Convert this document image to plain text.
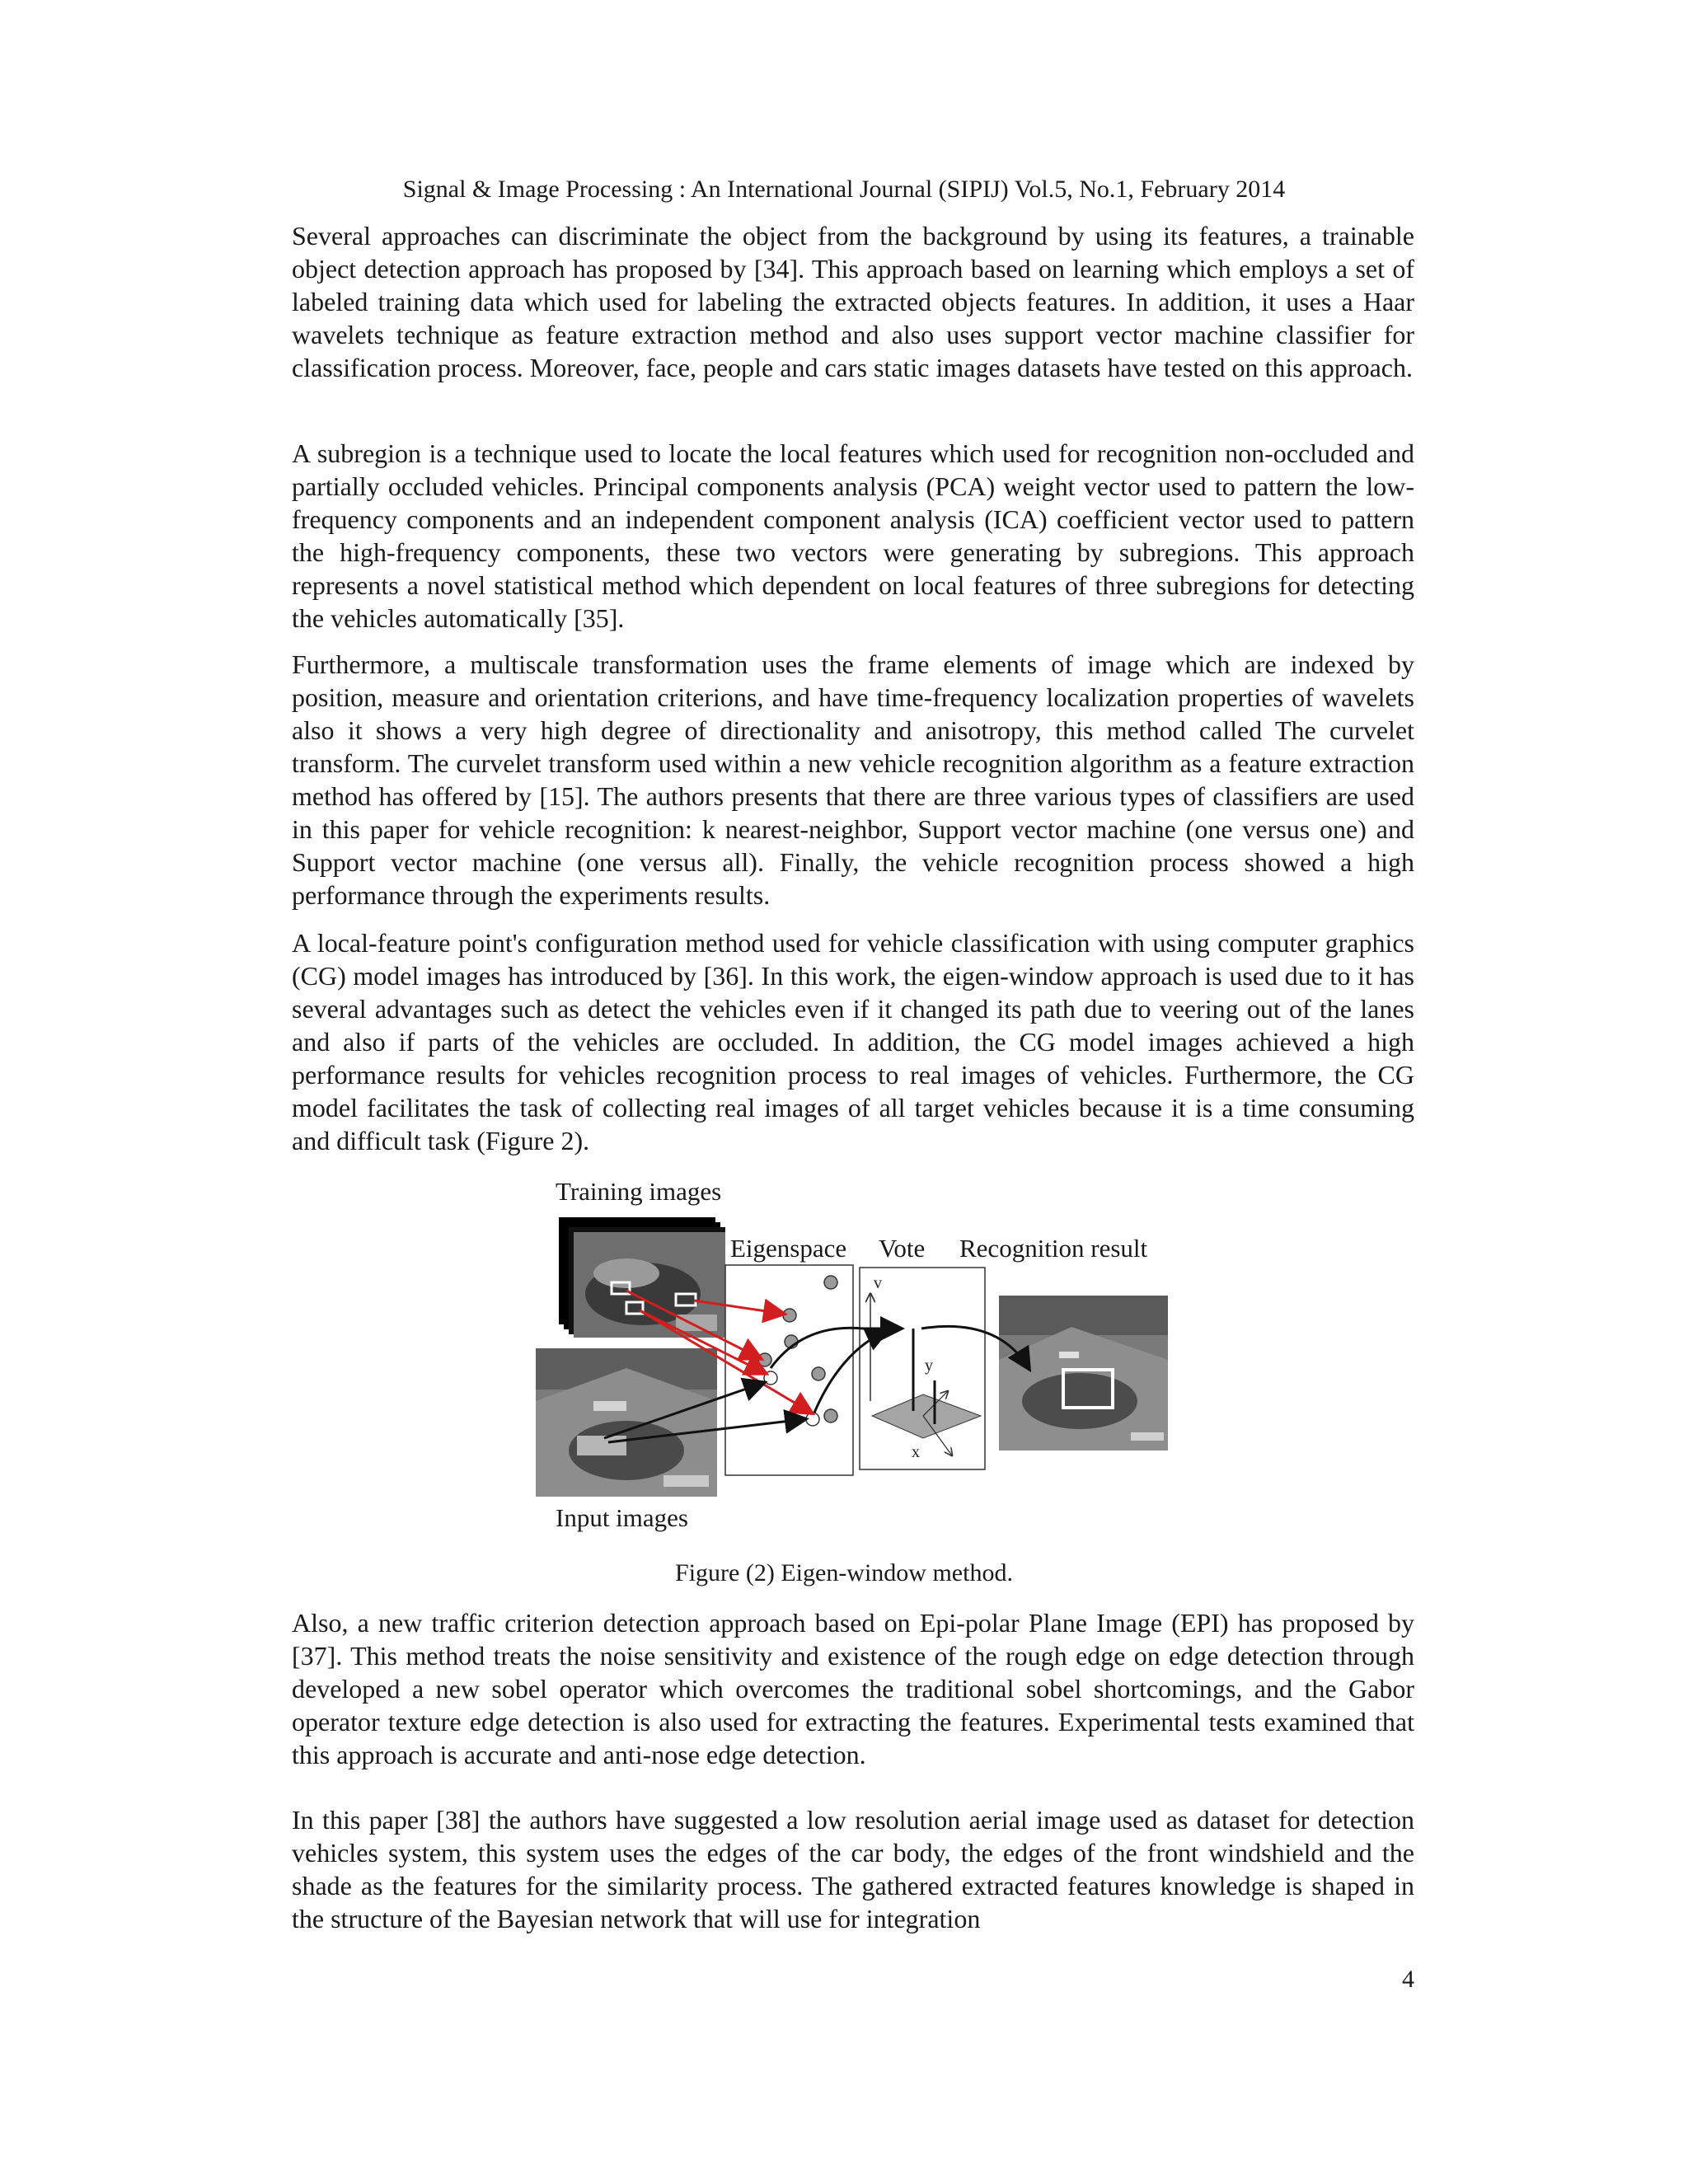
Signal & Image Processing : An International Journal (SIPIJ) Vol.5, No.1, February 2014

Several approaches can discriminate the object from the background by using its features, a trainable object detection approach has proposed by [34]. This approach based on learning which employs a set of labeled training data which used for labeling the extracted objects features. In addition, it uses a Haar wavelets technique as feature extraction method and also uses support vector machine classifier for classification process. Moreover, face, people and cars static images datasets have tested on this approach.

A subregion is a technique used to locate the local features which used for recognition non-occluded and partially occluded vehicles. Principal components analysis (PCA) weight vector used to pattern the low-frequency components and an independent component analysis (ICA) coefficient vector used to pattern the high-frequency components, these two vectors were generating by subregions. This approach represents a novel statistical method which dependent on local features of three subregions for detecting the vehicles automatically [35].

Furthermore, a multiscale transformation uses the frame elements of image which are indexed by position, measure and orientation criterions, and have time-frequency localization properties of wavelets also it shows a very high degree of directionality and anisotropy, this method called The curvelet transform. The curvelet transform used within a new vehicle recognition algorithm as a feature extraction method has offered by [15]. The authors presents that there are three various types of classifiers are used in this paper for vehicle recognition: k nearest-neighbor, Support vector machine (one versus one) and Support vector machine (one versus all). Finally, the vehicle recognition process showed a high performance through the experiments results.

A local-feature point's configuration method used for vehicle classification with using computer graphics (CG) model images has introduced by [36]. In this work, the eigen-window approach is used due to it has several advantages such as detect the vehicles even if it changed its path due to veering out of the lanes and also if parts of the vehicles are occluded. In addition, the CG model images achieved a high performance results for vehicles recognition process to real images of vehicles. Furthermore, the CG model facilitates the task of collecting real images of all target vehicles because it is a time consuming and difficult task (Figure 2).

Training images
Eigenspace Vote Recognition result
Input images
v
y
x
Figure (2) Eigen-window method.

Also, a new traffic criterion detection approach based on Epi-polar Plane Image (EPI) has proposed by [37]. This method treats the noise sensitivity and existence of the rough edge on edge detection through developed a new sobel operator which overcomes the traditional sobel shortcomings, and the Gabor operator texture edge detection is also used for extracting the features. Experimental tests examined that this approach is accurate and anti-nose edge detection.

In this paper [38] the authors have suggested a low resolution aerial image used as dataset for detection vehicles system, this system uses the edges of the car body, the edges of the front windshield and the shade as the features for the similarity process. The gathered extracted features knowledge is shaped in the structure of the Bayesian network that will use for integration

4
